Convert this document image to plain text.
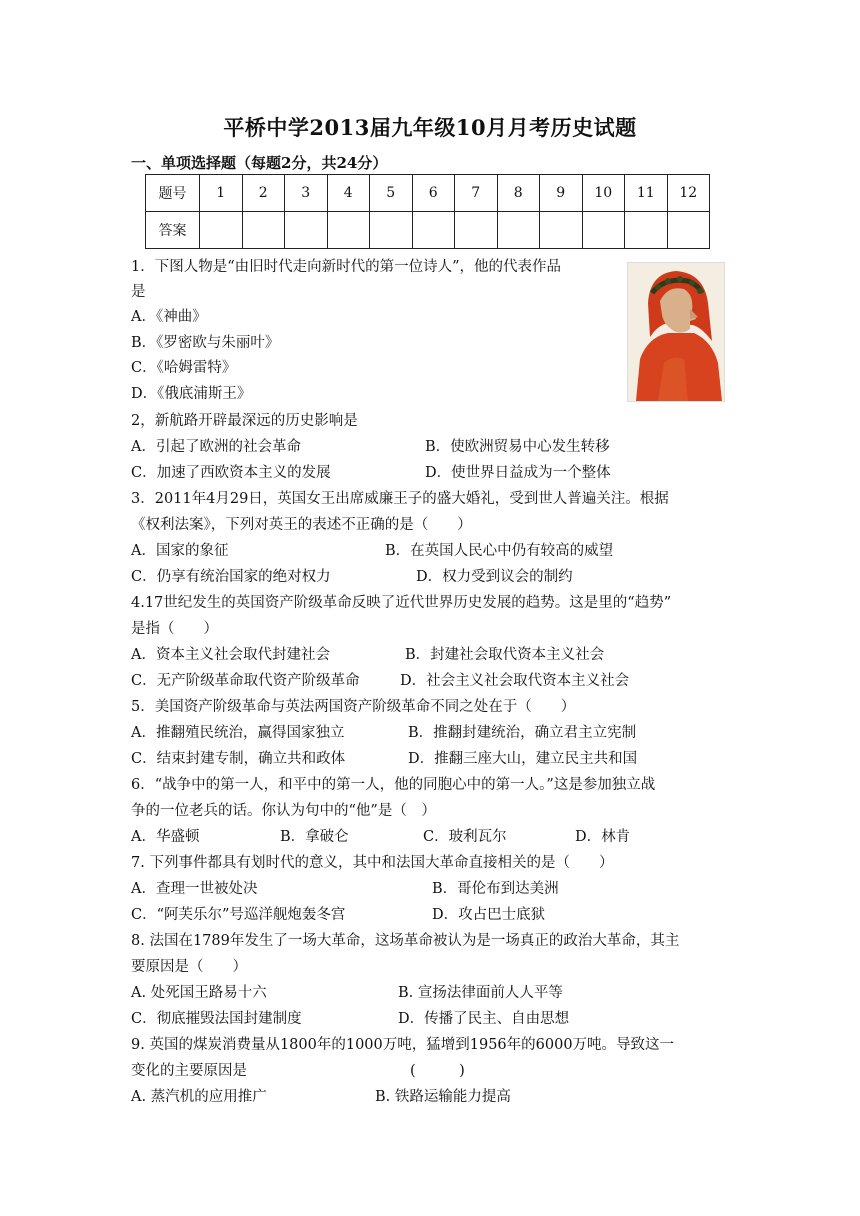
平桥中学2013届九年级10月月考历史试题
一、单项选择题（每题2分，共24分）
题号	1	2	3	4	5	6	7	8	9	10	11	12
答案												
1．下图人物是“由旧时代走向新时代的第一位诗人”，他的代表作品
是
A．《神曲》
B．《罗密欧与朱丽叶》
C．《哈姆雷特》
D．《俄底浦斯王》
2，新航路开辟最深远的历史影响是
A．引起了欧洲的社会革命	B．使欧洲贸易中心发生转移
C．加速了西欧资本主义的发展	D．使世界日益成为一个整体
3．2011年4月29日，英国女王出席威廉王子的盛大婚礼，受到世人普遍关注。根据
《权利法案》，下列对英王的表述不正确的是（　　）
A．国家的象征	B．在英国人民心中仍有较高的威望
C．仍享有统治国家的绝对权力	D．权力受到议会的制约
4.17世纪发生的英国资产阶级革命反映了近代世界历史发展的趋势。这是里的“趋势”
是指（　　）
A．资本主义社会取代封建社会	B．封建社会取代资本主义社会
C．无产阶级革命取代资产阶级革命	D．社会主义社会取代资本主义社会
5．美国资产阶级革命与英法两国资产阶级革命不同之处在于（　　）
A．推翻殖民统治，赢得国家独立	B．推翻封建统治，确立君主立宪制
C．结束封建专制，确立共和政体	D．推翻三座大山，建立民主共和国
6．“战争中的第一人，和平中的第一人，他的同胞心中的第一人。”这是参加独立战
争的一位老兵的话。你认为句中的“他”是（　）
A．华盛顿	B．拿破仑	C．玻利瓦尔	D．林肯
7. 下列事件都具有划时代的意义，其中和法国大革命直接相关的是（　　）
A．查理一世被处决	B．哥伦布到达美洲
C．“阿芙乐尔”号巡洋舰炮轰冬宫	D．攻占巴士底狱
8. 法国在1789年发生了一场大革命，这场革命被认为是一场真正的政治大革命，其主
要原因是（　　）
A. 处死国王路易十六	B. 宣扬法律面前人人平等
C．彻底摧毁法国封建制度	D．传播了民主、自由思想
9. 英国的煤炭消费量从1800年的1000万吨，猛增到1956年的6000万吨。导致这一
变化的主要原因是	(　　　)
A. 蒸汽机的应用推广	B. 铁路运输能力提高
